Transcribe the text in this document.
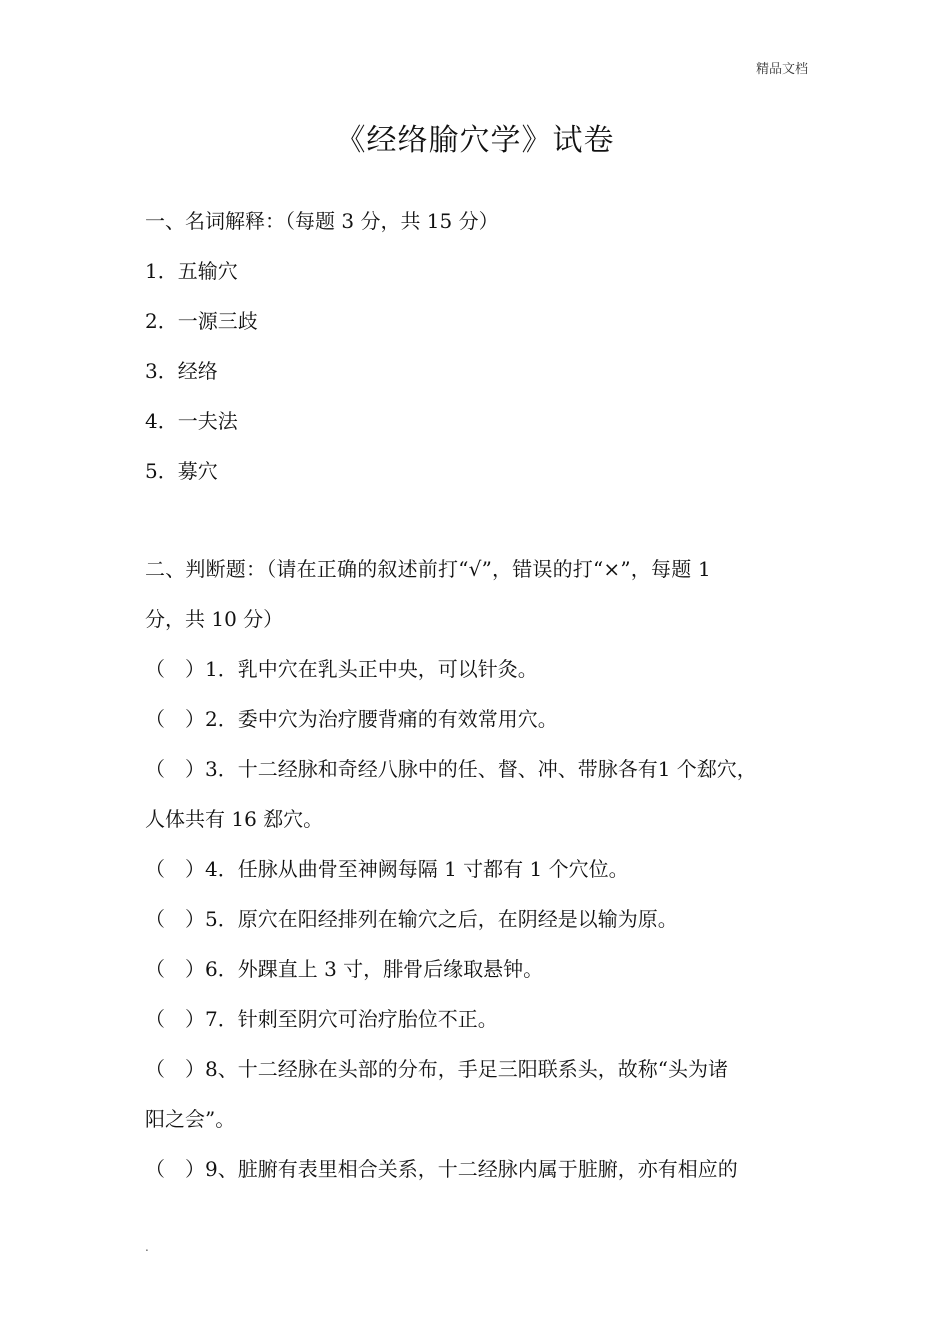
精品文档
《经络腧穴学》试卷
一、名词解释：（每题 3 分，共 15 分）
1．五输穴
2．一源三歧
3．经络
4．一夫法
5．募穴
二、判断题：（请在正确的叙述前打“√”，错误的打“×”，每题 1
分，共 10 分）
（　）1．乳中穴在乳头正中央，可以针灸。
（　）2．委中穴为治疗腰背痛的有效常用穴。
（　）3．十二经脉和奇经八脉中的任、督、冲、带脉各有1 个郄穴，
人体共有 16 郄穴。
（　）4．任脉从曲骨至神阙每隔 1 寸都有 1 个穴位。
（　）5．原穴在阳经排列在输穴之后，在阴经是以输为原。
（　）6．外踝直上 3 寸，腓骨后缘取悬钟。
（　）7．针刺至阴穴可治疗胎位不正。
（　）8、十二经脉在头部的分布，手足三阳联系头，故称“头为诸
阳之会”。
（　）9、脏腑有表里相合关系，十二经脉内属于脏腑，亦有相应的
.
